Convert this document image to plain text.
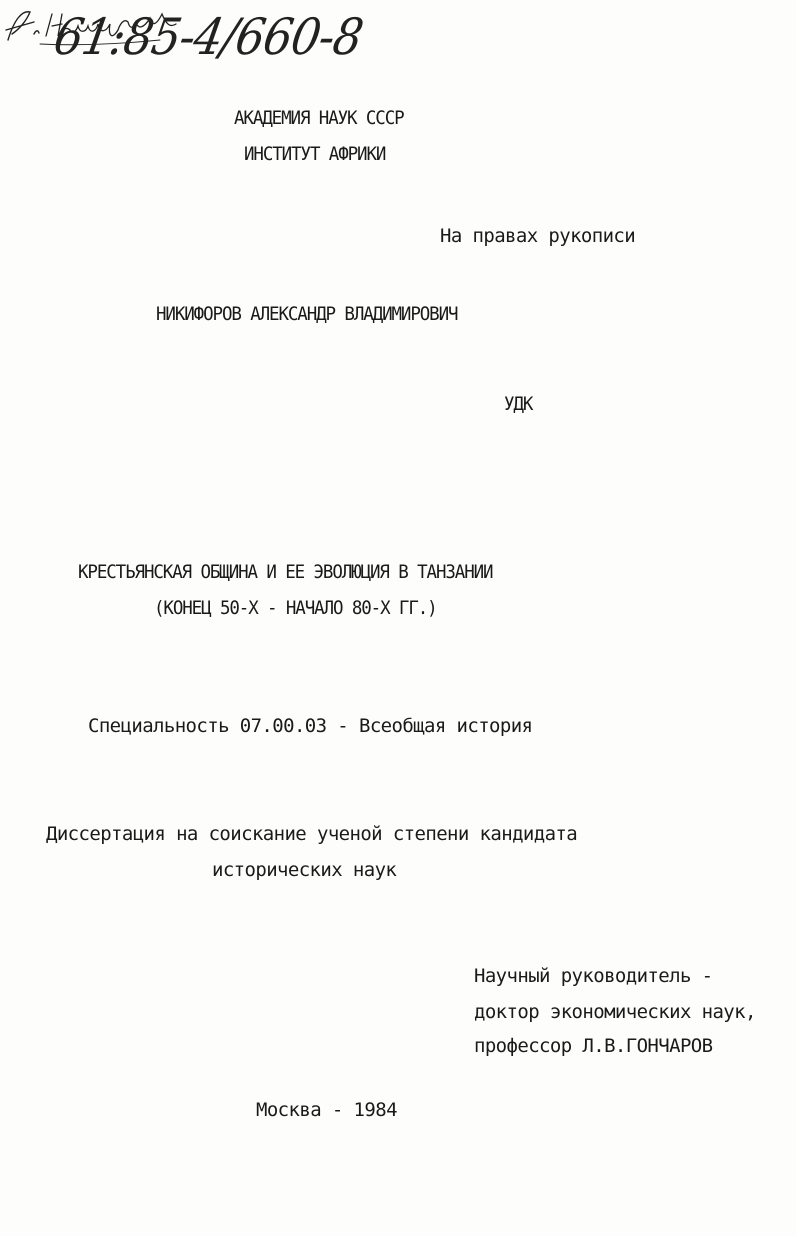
61:85-4/660-8
АКАДЕМИЯ НАУК СССР
ИНСТИТУТ АФРИКИ
На правах рукописи
НИКИФОРОВ АЛЕКСАНДР ВЛАДИМИРОВИЧ
УДК
КРЕСТЬЯНСКАЯ ОБЩИНА И ЕЕ ЭВОЛЮЦИЯ В ТАНЗАНИИ
(КОНЕЦ 50-Х - НАЧАЛО 80-Х ГГ.)
Специальность 07.00.03 - Всеобщая история
Диссертация на соискание ученой степени кандидата
исторических наук
Научный руководитель -
доктор экономических наук,
профессор Л.В.ГОНЧАРОВ
Москва - 1984
